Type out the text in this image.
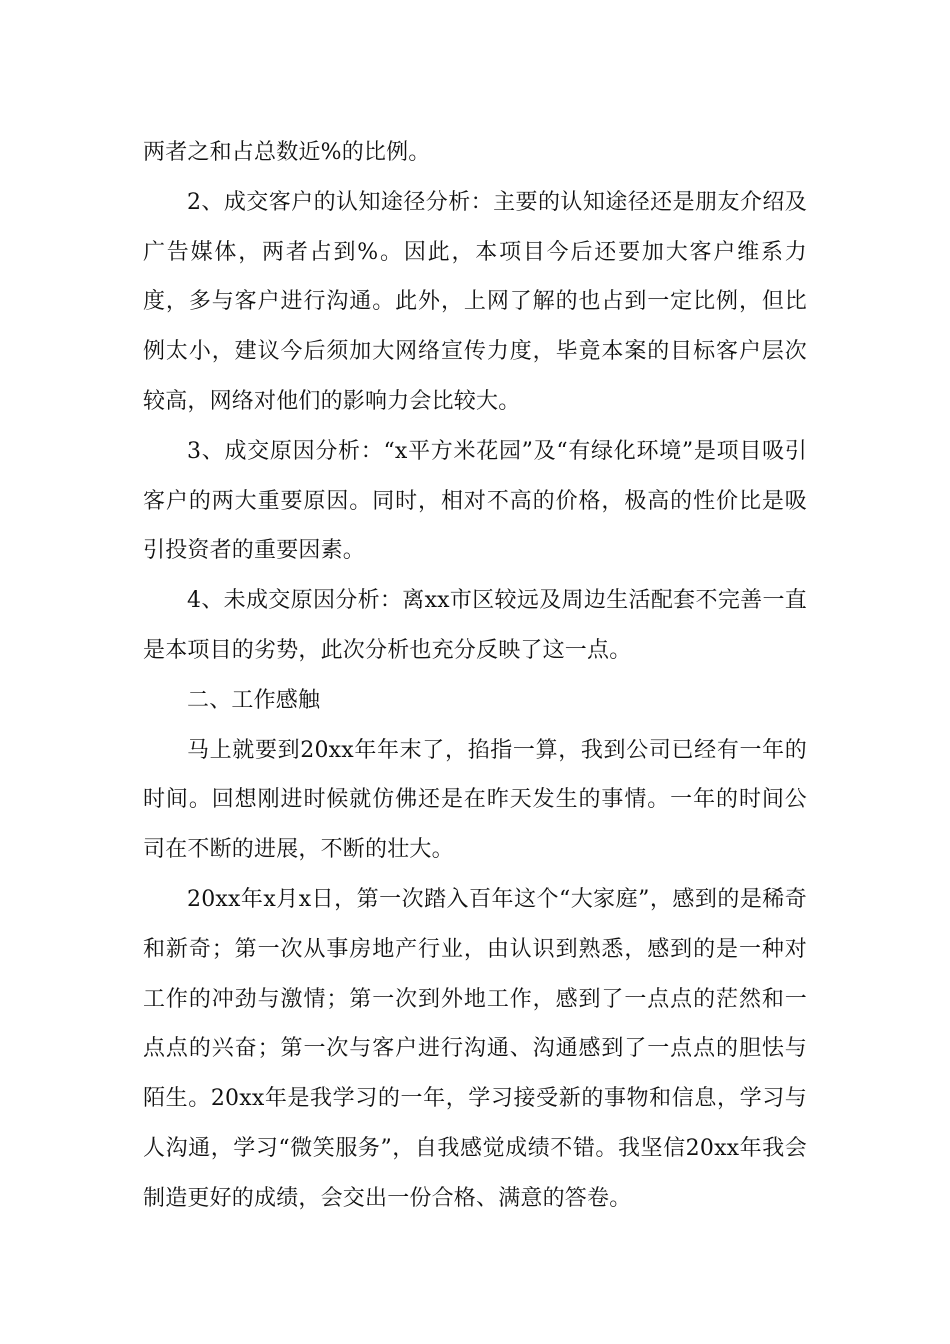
两者之和占总数近%的比例。

2、成交客户的认知途径分析：主要的认知途径还是朋友介绍及广告媒体，两者占到%。因此，本项目今后还要加大客户维系力度，多与客户进行沟通。此外，上网了解的也占到一定比例，但比例太小，建议今后须加大网络宣传力度，毕竟本案的目标客户层次较高，网络对他们的影响力会比较大。

3、成交原因分析：“x平方米花园”及“有绿化环境”是项目吸引客户的两大重要原因。同时，相对不高的价格，极高的性价比是吸引投资者的重要因素。

4、未成交原因分析：离xx市区较远及周边生活配套不完善一直是本项目的劣势，此次分析也充分反映了这一点。

二、工作感触

马上就要到20xx年年末了，掐指一算，我到公司已经有一年的时间。回想刚进时候就仿佛还是在昨天发生的事情。一年的时间公司在不断的进展，不断的壮大。

20xx年x月x日，第一次踏入百年这个“大家庭”，感到的是稀奇和新奇；第一次从事房地产行业，由认识到熟悉，感到的是一种对工作的冲劲与激情；第一次到外地工作，感到了一点点的茫然和一点点的兴奋；第一次与客户进行沟通、沟通感到了一点点的胆怯与陌生。20xx年是我学习的一年，学习接受新的事物和信息，学习与人沟通，学习“微笑服务”，自我感觉成绩不错。我坚信20xx年我会制造更好的成绩，会交出一份合格、满意的答卷。
